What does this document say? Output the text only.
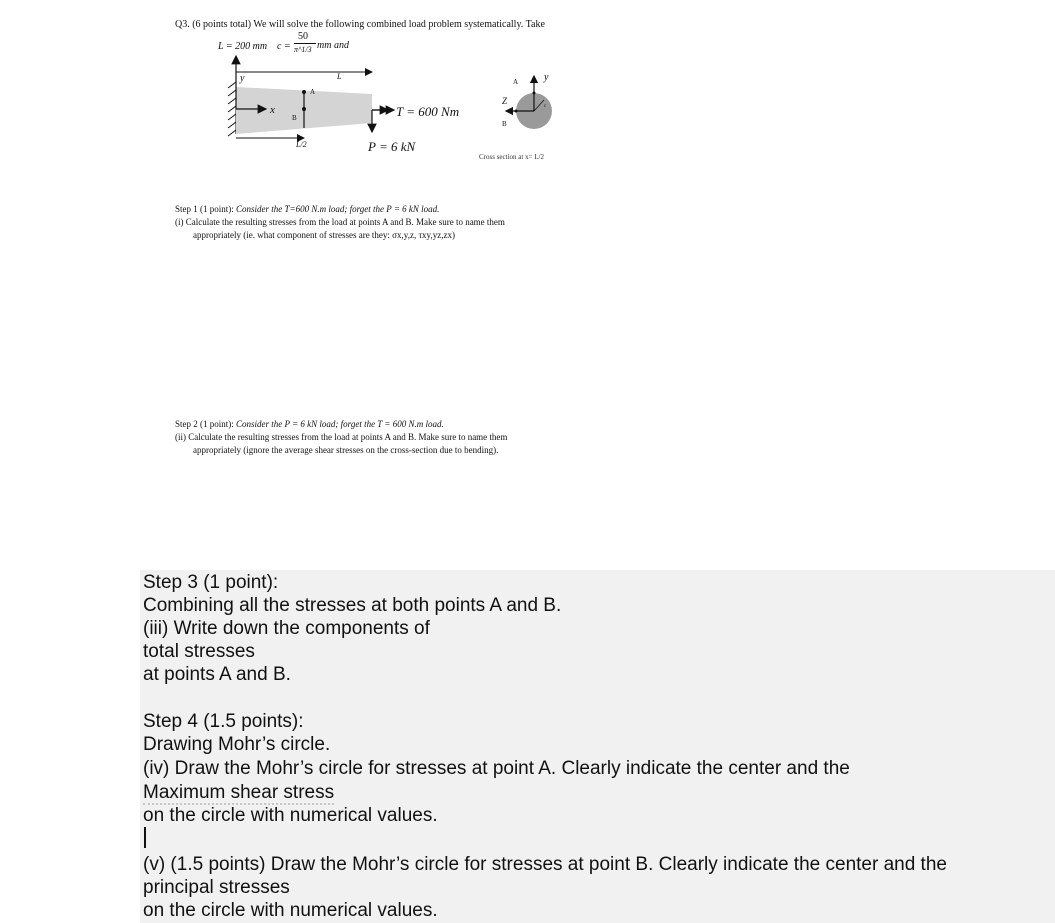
Q3. (6 points total) We will solve the following combined load problem systematically. Take
L = 200 mm c =
50
π^1/3 mm and
y
x
L
A
B
L/2
T = 600 Nm
P = 6 kN
A	y
Z
B
c
Cross section at x= L/2
Step 1 (1 point): Consider the T=600 N.m load; forget the P = 6 kN load.
(i) Calculate the resulting stresses from the load at points A and B. Make sure to name them
appropriately (ie. what component of stresses are they: σx,y,z, τxy,yz,zx)
Step 2 (1 point): Consider the P = 6 kN load; forget the T = 600 N.m load.
(ii) Calculate the resulting stresses from the load at points A and B. Make sure to name them
appropriately (ignore the average shear stresses on the cross-section due to bending).
Step 3 (1 point):
Combining all the stresses at both points A and B.
(iii) Write down the components of
total stresses
at points A and B.
Step 4 (1.5 points):
Drawing Mohr’s circle.
(iv) Draw the Mohr’s circle for stresses at point A. Clearly indicate the center and the
Maximum shear stress
on the circle with numerical values.
(v) (1.5 points) Draw the Mohr’s circle for stresses at point B. Clearly indicate the center and the
principal stresses
on the circle with numerical values.
